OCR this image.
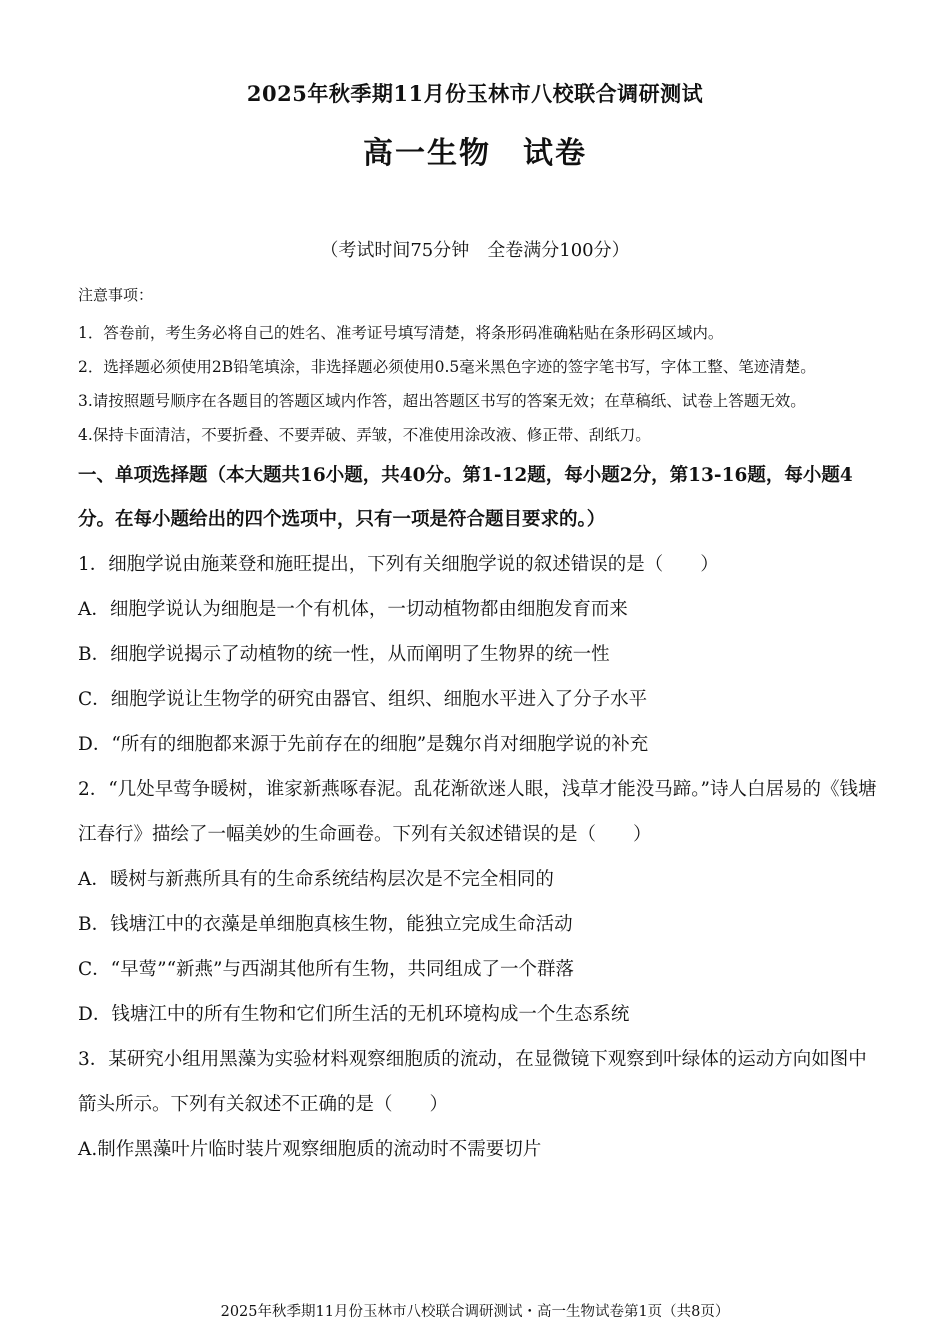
2025年秋季期11月份玉林市八校联合调研测试
高一生物　试卷
（考试时间75分钟　全卷满分100分）
注意事项：
1．答卷前，考生务必将自己的姓名、准考证号填写清楚，将条形码准确粘贴在条形码区域内。
2．选择题必须使用2B铅笔填涂，非选择题必须使用0.5毫米黑色字迹的签字笔书写，字体工整、笔迹清楚。
3.请按照题号顺序在各题目的答题区域内作答，超出答题区书写的答案无效；在草稿纸、试卷上答题无效。
4.保持卡面清洁，不要折叠、不要弄破、弄皱，不准使用涂改液、修正带、刮纸刀。
一、单项选择题（本大题共16小题，共40分。第1-12题，每小题2分，第13-16题，每小题4分。在每小题给出的四个选项中，只有一项是符合题目要求的。）
1．细胞学说由施莱登和施旺提出，下列有关细胞学说的叙述错误的是（　　）
A．细胞学说认为细胞是一个有机体，一切动植物都由细胞发育而来
B．细胞学说揭示了动植物的统一性，从而阐明了生物界的统一性
C．细胞学说让生物学的研究由器官、组织、细胞水平进入了分子水平
D．“所有的细胞都来源于先前存在的细胞”是魏尔肖对细胞学说的补充
2．“几处早莺争暖树，谁家新燕啄春泥。乱花渐欲迷人眼，浅草才能没马蹄。”诗人白居易的《钱塘江春行》描绘了一幅美妙的生命画卷。下列有关叙述错误的是（　　）
A．暖树与新燕所具有的生命系统结构层次是不完全相同的
B．钱塘江中的衣藻是单细胞真核生物，能独立完成生命活动
C．“早莺”“新燕”与西湖其他所有生物，共同组成了一个群落
D．钱塘江中的所有生物和它们所生活的无机环境构成一个生态系统
3．某研究小组用黑藻为实验材料观察细胞质的流动，在显微镜下观察到叶绿体的运动方向如图中箭头所示。下列有关叙述不正确的是（　　）
A.制作黑藻叶片临时装片观察细胞质的流动时不需要切片
2025年秋季期11月份玉林市八校联合调研测试・高一生物试卷第1页（共8页）
